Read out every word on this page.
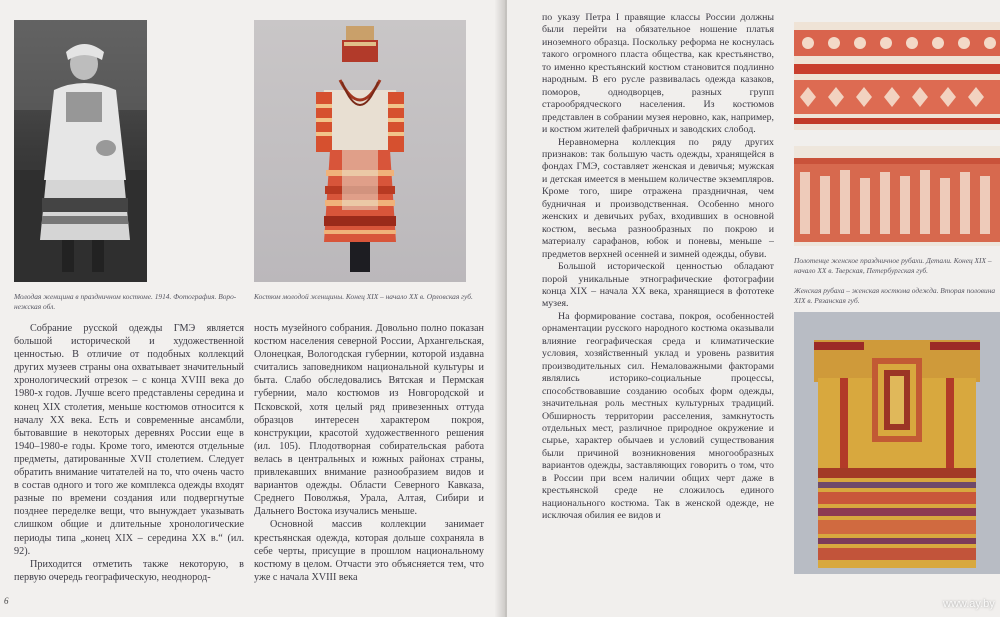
Молодая женщина в праздничном костюме. 1914. Фотография. Воро-нежская обл.
Костюм молодой женщины. Конец XIX – начало XX в. Орловская губ.

Собрание русской одежды ГМЭ является большой исторической и художественной ценностью. В отличие от подобных коллекций других музеев страны она охватывает значительный хронологический отрезок – с конца XVIII века до 1980-х годов. Лучше всего представлены середина и конец XIX столетия, меньше костюмов относится к началу XX века. Есть и современные ансамбли, бытовавшие в некоторых деревнях России еще в 1940–1980-е годы. Кроме того, имеются отдельные предметы, датированные XVII столетием. Следует обратить внимание читателей на то, что очень часто в состав одного и того же комплекса одежды входят разные по времени создания или подвергнутые позднее переделке вещи, что вынуждает указывать слишком общие и длительные хронологические периоды типа „конец XIX – середина XX в.“ (ил. 92).

Приходится отметить также некоторую, в первую очередь географическую, неоднород-

ность музейного собрания. Довольно полно показан костюм населения северной России, Архангельская, Олонецкая, Вологодская губернии, которой издавна считались заповедником национальной культуры и быта. Слабо обследовались Вятская и Пермская губернии, мало костюмов из Новгородской и Псковской, хотя целый ряд привезенных оттуда образцов интересен характером покроя, конструкции, красотой художественного решения (ил. 105). Плодотворная собирательская работа велась в центральных и южных районах страны, привлекавших внимание разнообразием видов и вариантов одежды. Области Северного Кавказа, Среднего Поволжья, Урала, Алтая, Сибири и Дальнего Востока изучались меньше.

Основной массив коллекции занимает крестьянская одежда, которая дольше сохраняла в себе черты, присущие в прошлом национальному костюму в целом. Отчасти это объясняется тем, что уже с начала XVIII века

6

по указу Петра I правящие классы России должны были перейти на обязательное ношение платья иноземного образца. Поскольку реформа не коснулась такого огромного пласта общества, как крестьянство, то именно крестьянский костюм становится подлинно народным. В его русле развивалась одежда казаков, поморов, однодворцев, разных групп старообрядческого населения. Из костюмов представлен в собрании музея неровно, как, например, и костюм жителей фабричных и заводских слобод.

Неравномерна коллекция по ряду других признаков: так большую часть одежды, хранящейся в фондах ГМЭ, составляет женская и девичья; мужская и детская имеется в меньшем количестве экземпляров. Кроме того, шире отражена праздничная, чем будничная и производственная. Особенно много женских и девичьих рубах, входивших в основной костюм, весьма разнообразных по покрою и материалу сарафанов, юбок и поневы, меньше – предметов верхней осенней и зимней одежды, обуви.

Большой исторической ценностью обладают порой уникальные этнографические фотографии конца XIX – начала XX века, хранящиеся в фототеке музея.

На формирование состава, покроя, особенностей орнаментации русского народного костюма оказывали влияние географическая среда и климатические условия, хозяйственный уклад и уровень развития производительных сил. Немаловажными факторами являлись историко-социальные процессы, способствовавшие созданию особых форм одежды, значительная роль местных культурных традиций. Обширность территории расселения, замкнутость отдельных мест, различное природное окружение и сырье, характер обычаев и условий существования были причиной возникновения многообразных вариантов одежды, заставляющих говорить о том, что в России при всем наличии общих черт даже в крестьянской среде не сложилось единого национального костюма. Так в женской одежде, не исключая обилия ее видов и

Полотенце женское праздничное рубахи. Детали. Конец XIX – начало XX в. Тверская, Петербургская губ.
Женская рубаха – женская костюма одежда. Вторая половина XIX в. Рязанская губ.
www.ay.by
